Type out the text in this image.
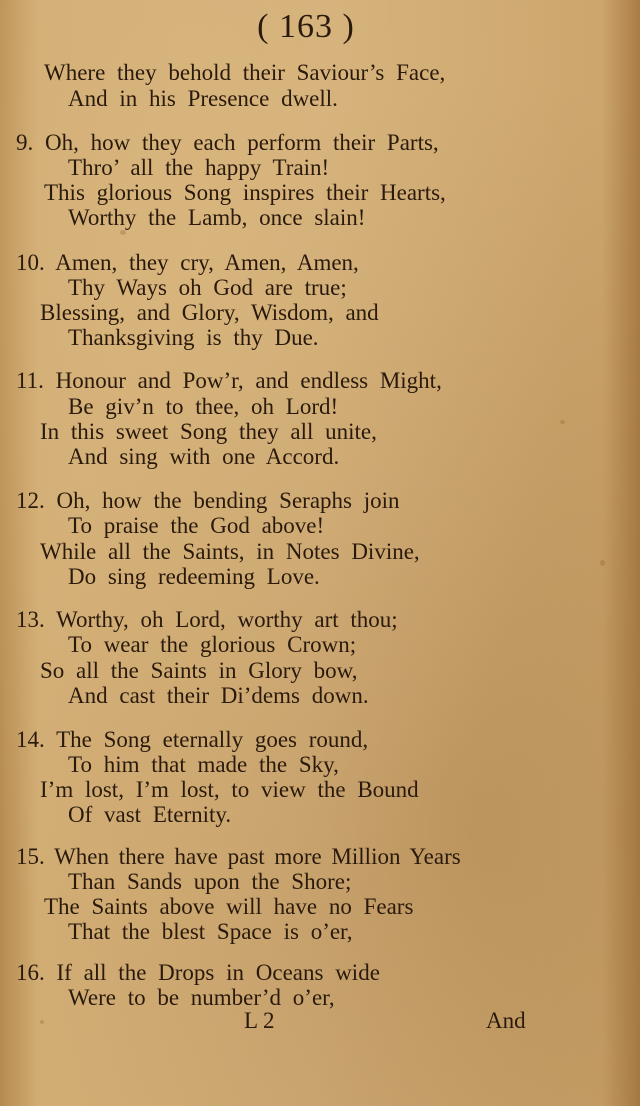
( 163 )
Where they behold their Saviour’s Face,
And in his Presence dwell.
9. Oh, how they each perform their Parts,
Thro’ all the happy Train!
This glorious Song inspires their Hearts,
Worthy the Lamb, once slain!
10. Amen, they cry, Amen, Amen,
Thy Ways oh God are true;
Blessing, and Glory, Wisdom, and
Thanksgiving is thy Due.
11. Honour and Pow’r, and endless Might,
Be giv’n to thee, oh Lord!
In this sweet Song they all unite,
And sing with one Accord.
12. Oh, how the bending Seraphs join
To praise the God above!
While all the Saints, in Notes Divine,
Do sing redeeming Love.
13. Worthy, oh Lord, worthy art thou;
To wear the glorious Crown;
So all the Saints in Glory bow,
And cast their Di’dems down.
14. The Song eternally goes round,
To him that made the Sky,
I’m lost, I’m lost, to view the Bound
Of vast Eternity.
15. When there have past more Million Years
Than Sands upon the Shore;
The Saints above will have no Fears
That the blest Space is o’er,
16. If all the Drops in Oceans wide
Were to be number’d o’er,
L 2	And
